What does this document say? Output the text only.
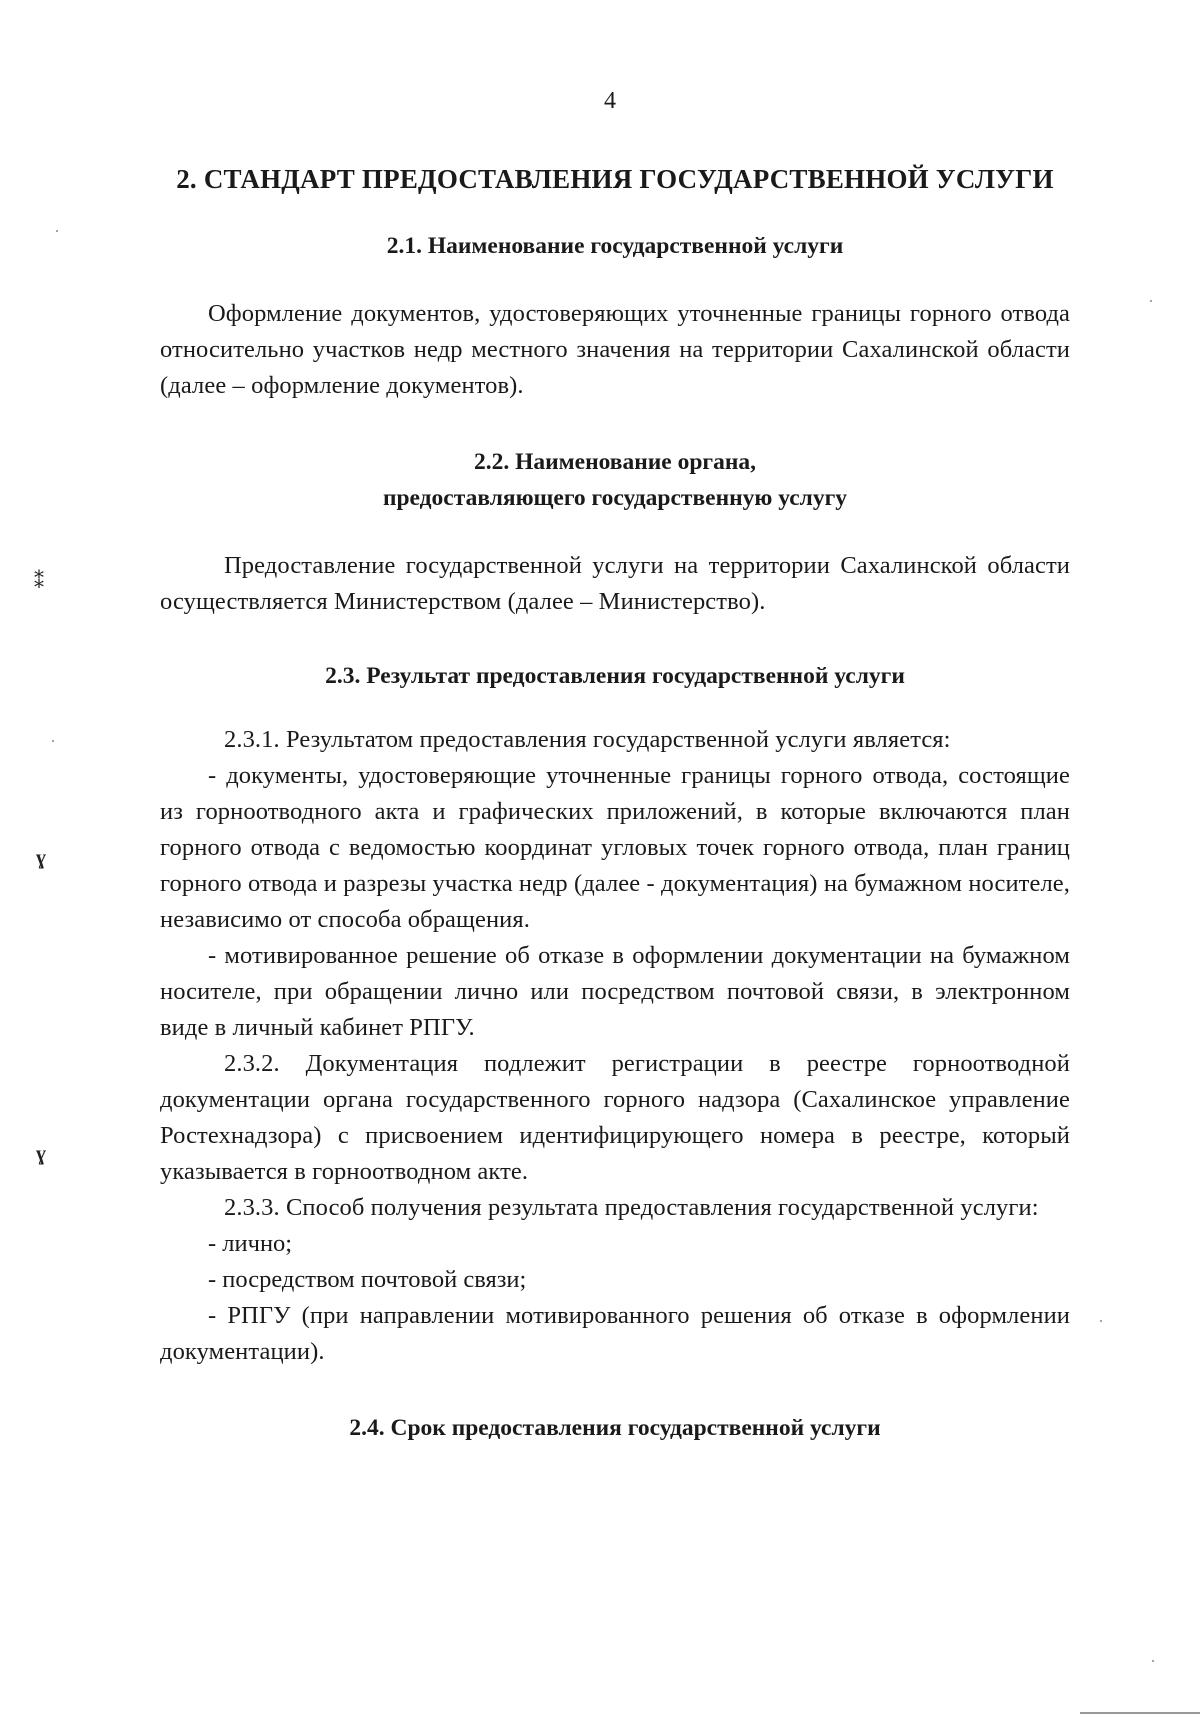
4
⁑
ɣ
ɣ
2. СТАНДАРТ ПРЕДОСТАВЛЕНИЯ ГОСУДАРСТВЕННОЙ УСЛУГИ
2.1. Наименование государственной услуги

Оформление документов, удостоверяющих уточненные границы горного отвода относительно участков недр местного значения на территории Сахалинской области (далее – оформление документов).

2.2. Наименование органа,
предоставляющего государственную услугу

Предоставление государственной услуги на территории Сахалинской области осуществляется Министерством (далее – Министерство).

2.3. Результат предоставления государственной услуги

2.3.1. Результатом предоставления государственной услуги является:

- документы, удостоверяющие уточненные границы горного отвода, состоящие из горноотводного акта и графических приложений, в которые включаются план горного отвода с ведомостью координат угловых точек горного отвода, план границ горного отвода и разрезы участка недр (далее - документация) на бумажном носителе, независимо от способа обращения.

- мотивированное решение об отказе в оформлении документации на бумажном носителе, при обращении лично или посредством почтовой связи, в электронном виде в личный кабинет РПГУ.

2.3.2. Документация подлежит регистрации в реестре горноотводной документации органа государственного горного надзора (Сахалинское управление Ростехнадзора) с присвоением идентифицирующего номера в реестре, который указывается в горноотводном акте.

2.3.3. Способ получения результата предоставления государственной услуги:

- лично;

- посредством почтовой связи;

- РПГУ (при направлении мотивированного решения об отказе в оформлении документации).

2.4. Срок предоставления государственной услуги
